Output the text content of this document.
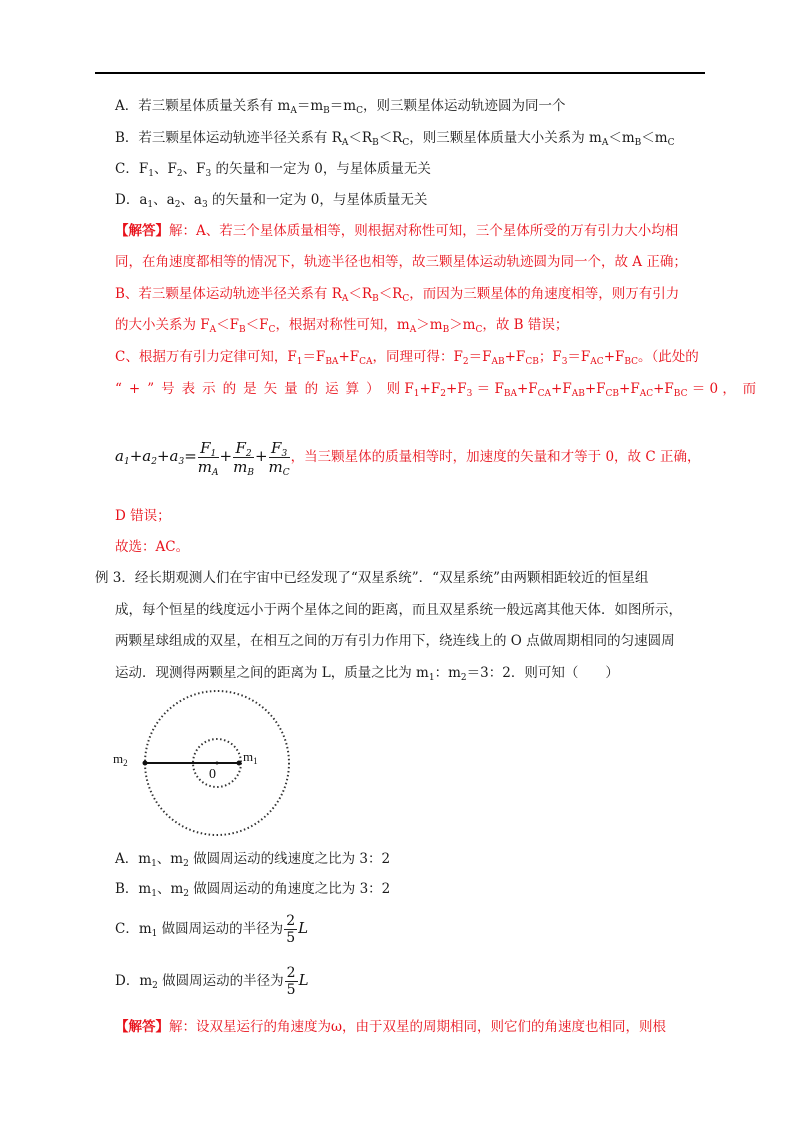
A．若三颗星体质量关系有 $m_A=m_B=m_C$，则三颗星体运动轨迹圆为同一个
B．若三颗星体运动轨迹半径关系有 $R_A<R_B<R_C$，则三颗星体质量大小关系为 $m_A<m_B<m_C$
C．$F_1$、$F_2$、$F_3$ 的矢量和一定为 0，与星体质量无关
D．$a_1$、$a_2$、$a_3$ 的矢量和一定为 0，与星体质量无关
【解答】解：A、若三个星体质量相等，则根据对称性可知，三个星体所受的万有引力大小均相
同，在角速度都相等的情况下，轨迹半径也相等，故三颗星体运动轨迹圆为同一个，故 A 正确；
B、若三颗星体运动轨迹半径关系有 $R_A<R_B<R_C$，而因为三颗星体的角速度相等，则万有引力
的大小关系为 $F_A<F_B<F_C$，根据对称性可知，$m_A>m_B>m_C$，故 B 错误；
C、根据万有引力定律可知，$F_1=F_{BA}+F_{CA}$，同理可得：$F_2=F_{AB}+F_{CB}$；$F_3=F_{AC}+F_{BC}$。（此处的
“+”号表示的是矢量的运算）则 $F_1+F_2+F_3 = F_{BA}+F_{CA}+F_{AB}+F_{CB}+F_{AC}+F_{BC} = 0$ ，　而
$a_1+a_2+a_3= \frac{F_1}{m_A} + \frac{F_2}{m_B} + \frac{F_3}{m_C}$ ，当三颗星体的质量相等时，加速度的矢量和才等于 0，故 C 正确，
D 错误；
故选：AC。
例 3．经长期观测人们在宇宙中已经发现了“双星系统”．“双星系统”由两颗相距较近的恒星组
成，每个恒星的线度远小于两个星体之间的距离，而且双星系统一般远离其他天体．如图所示，
两颗星球组成的双星，在相互之间的万有引力作用下，绕连线上的 O 点做周期相同的匀速圆周
运动．现测得两颗星之间的距离为 L，质量之比为 $m_1$：$m_2=3$：2．则可知（　　）
$m_2$	$m_1$
0
A．$m_1$、$m_2$ 做圆周运动的线速度之比为 3：2
B．$m_1$、$m_2$ 做圆周运动的角速度之比为 3：2
C．$m_1$ 做圆周运动的半径为 $\frac{2}{5}$ L
D．$m_2$ 做圆周运动的半径为 $\frac{2}{5}$ L
【解答】解：设双星运行的角速度为ω，由于双星的周期相同，则它们的角速度也相同，则根
